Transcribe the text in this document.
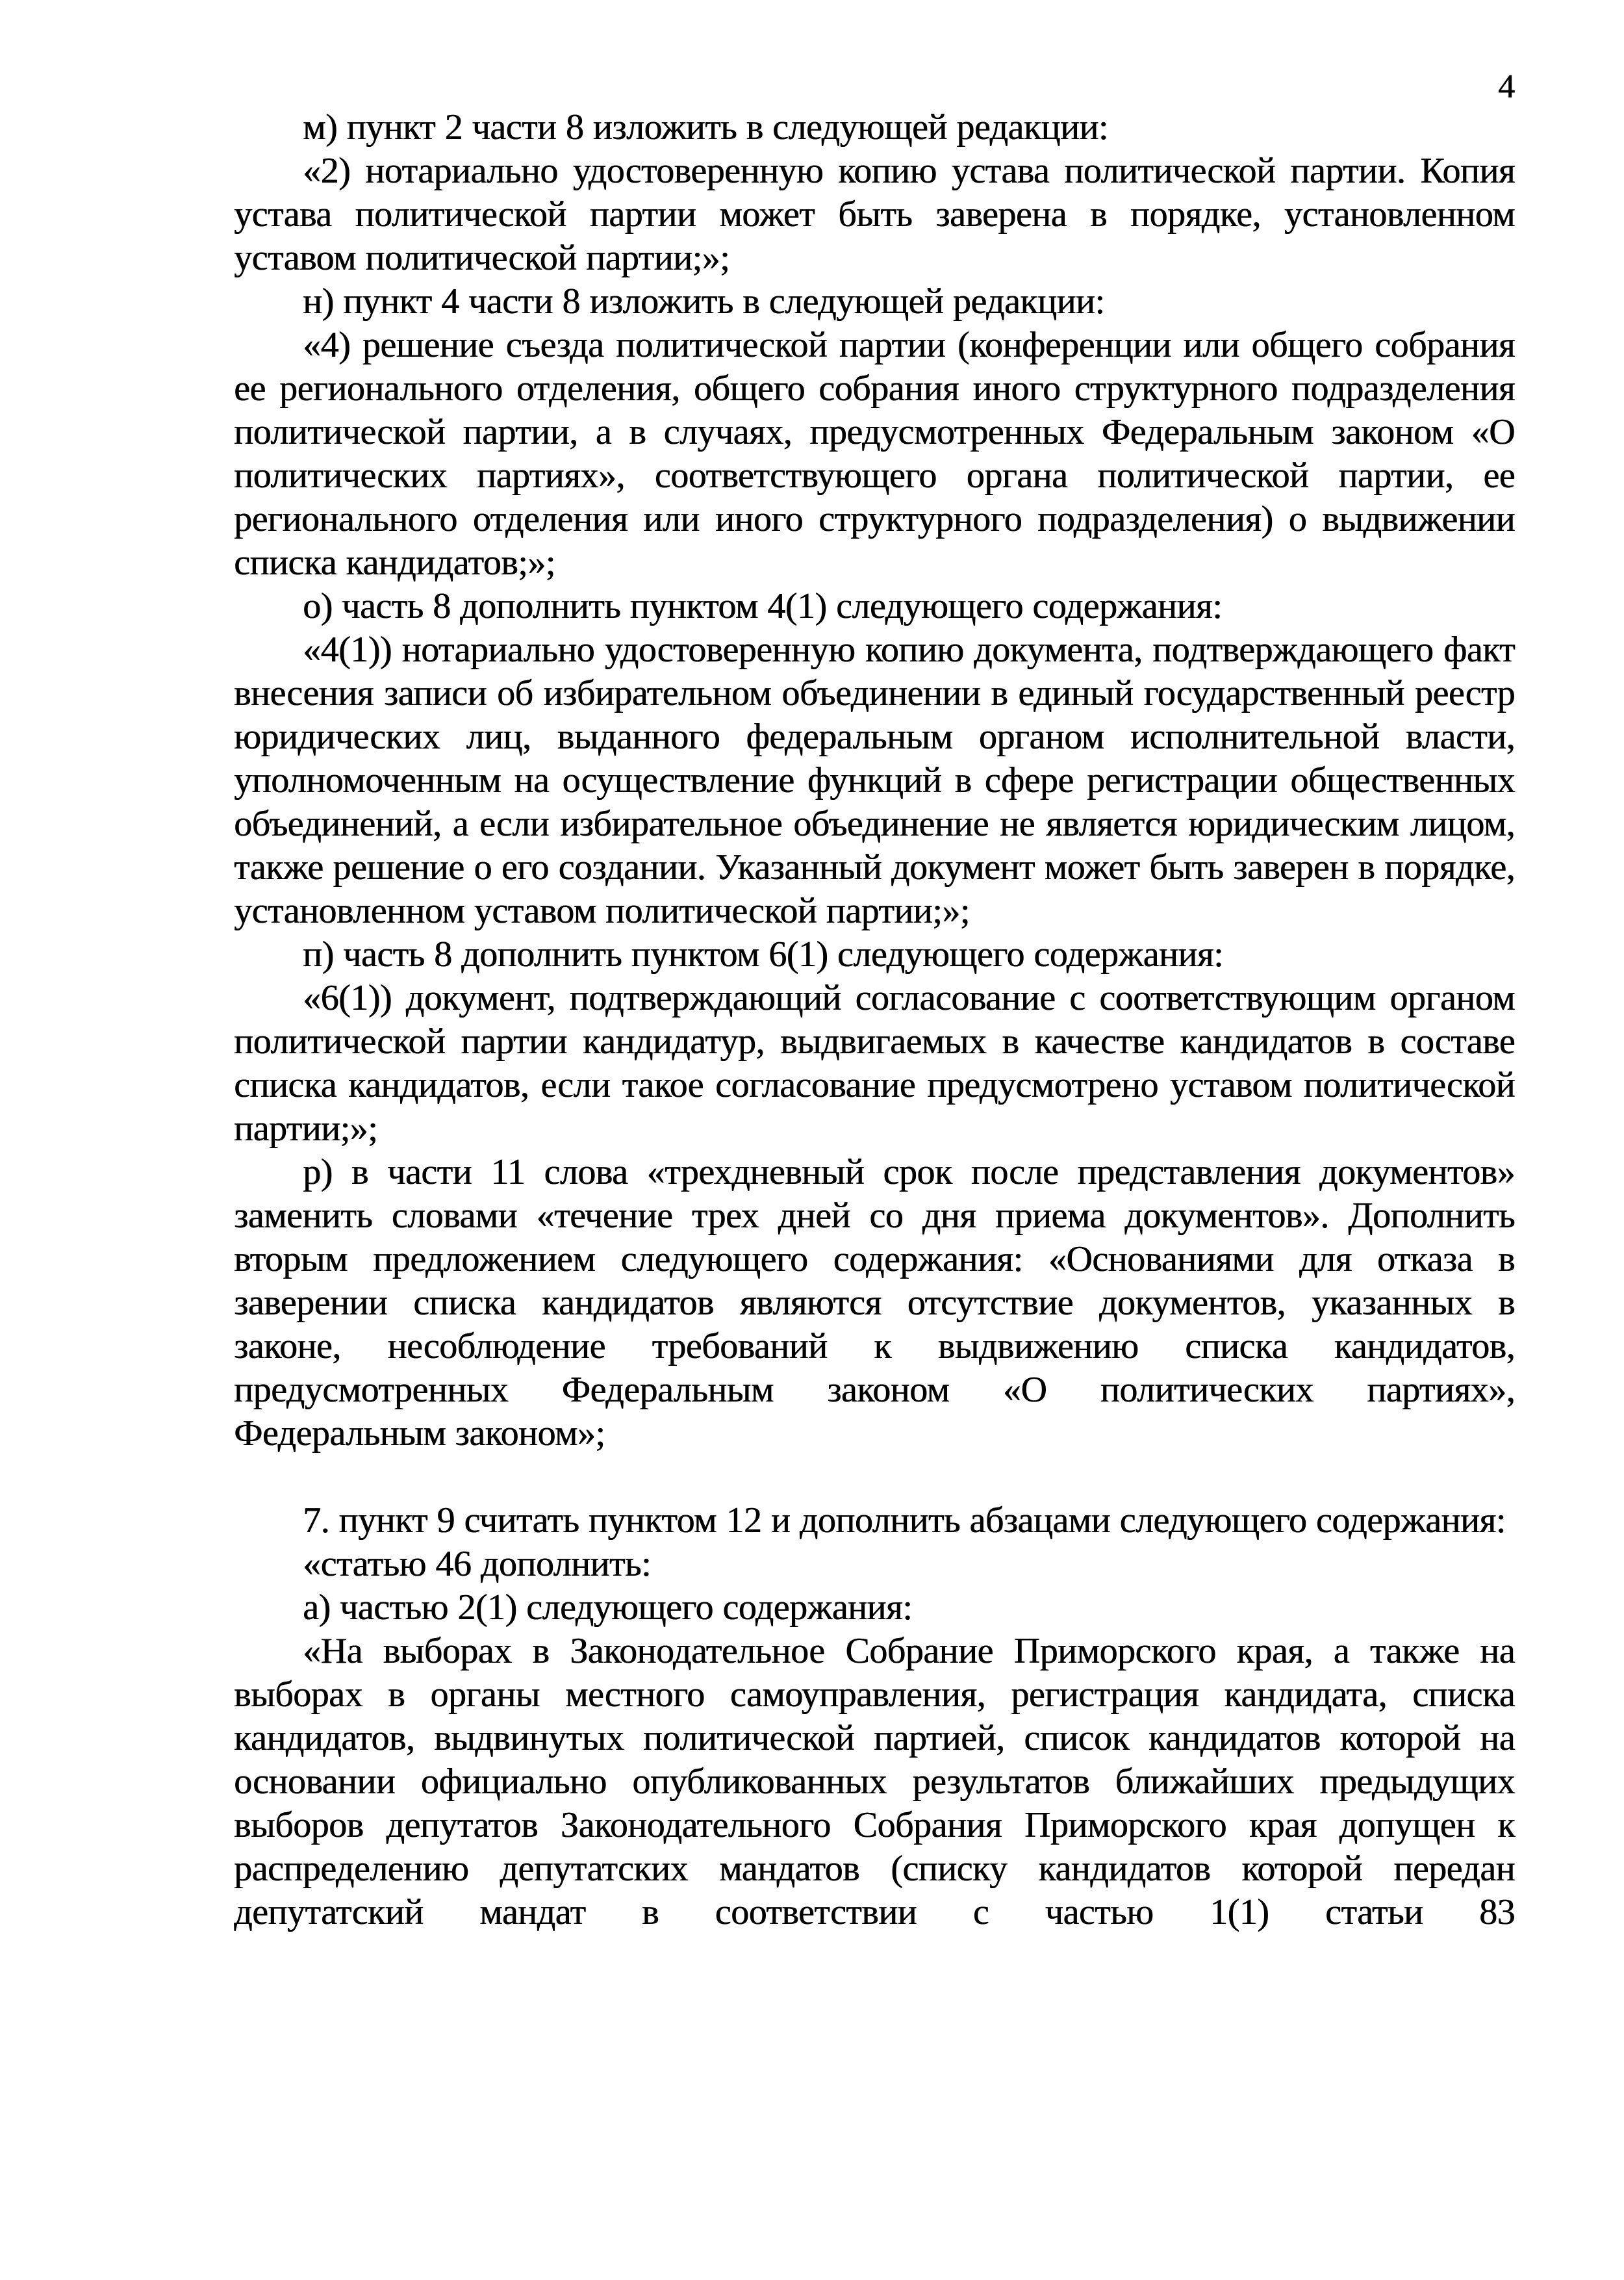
4

м) пункт 2 части 8 изложить в следующей редакции:

«2) нотариально удостоверенную копию устава политической партии. Копия устава политической партии может быть заверена в порядке, установленном уставом политической партии;»;

н) пункт 4 части 8 изложить в следующей редакции:

«4) решение съезда политической партии (конференции или общего собрания ее регионального отделения, общего собрания иного структурного подразделения политической партии, а в случаях, предусмотренных Федеральным законом «О политических партиях», соответствующего органа политической партии, ее регионального отделения или иного структурного подразделения) о выдвижении списка кандидатов;»;

о) часть 8 дополнить пунктом 4(1) следующего содержания:

«4(1)) нотариально удостоверенную копию документа, подтверждающего факт внесения записи об избирательном объединении в единый государственный реестр юридических лиц, выданного федеральным органом исполнительной власти, уполномоченным на осуществление функций в сфере регистрации общественных объединений, а если избирательное объединение не является юридическим лицом, также решение о его создании. Указанный документ может быть заверен в порядке, установленном уставом политической партии;»;

п) часть 8 дополнить пунктом 6(1) следующего содержания:

«6(1)) документ, подтверждающий согласование с соответствующим органом политической партии кандидатур, выдвигаемых в качестве кандидатов в составе списка кандидатов, если такое согласование предусмотрено уставом политической партии;»;

р) в части 11 слова «трехдневный срок после представления документов» заменить словами «течение трех дней со дня приема документов». Дополнить вторым предложением следующего содержания: «Основаниями для отказа в заверении списка кандидатов являются отсутствие документов, указанных в законе, несоблюдение требований к выдвижению списка кандидатов, предусмотренных Федеральным законом «О политических партиях», Федеральным законом»;

7. пункт 9 считать пунктом 12 и дополнить абзацами следующего содержания:

«статью 46 дополнить:

а) частью 2(1) следующего содержания:

«На выборах в Законодательное Собрание Приморского края, а также на выборах в органы местного самоуправления, регистрация кандидата, списка кандидатов, выдвинутых политической партией, список кандидатов которой на основании официально опубликованных результатов ближайших предыдущих выборов депутатов Законодательного Собрания Приморского края допущен к распределению депутатских мандатов (списку кандидатов которой передан депутатский мандат в соответствии с частью 1(1) статьи 83
